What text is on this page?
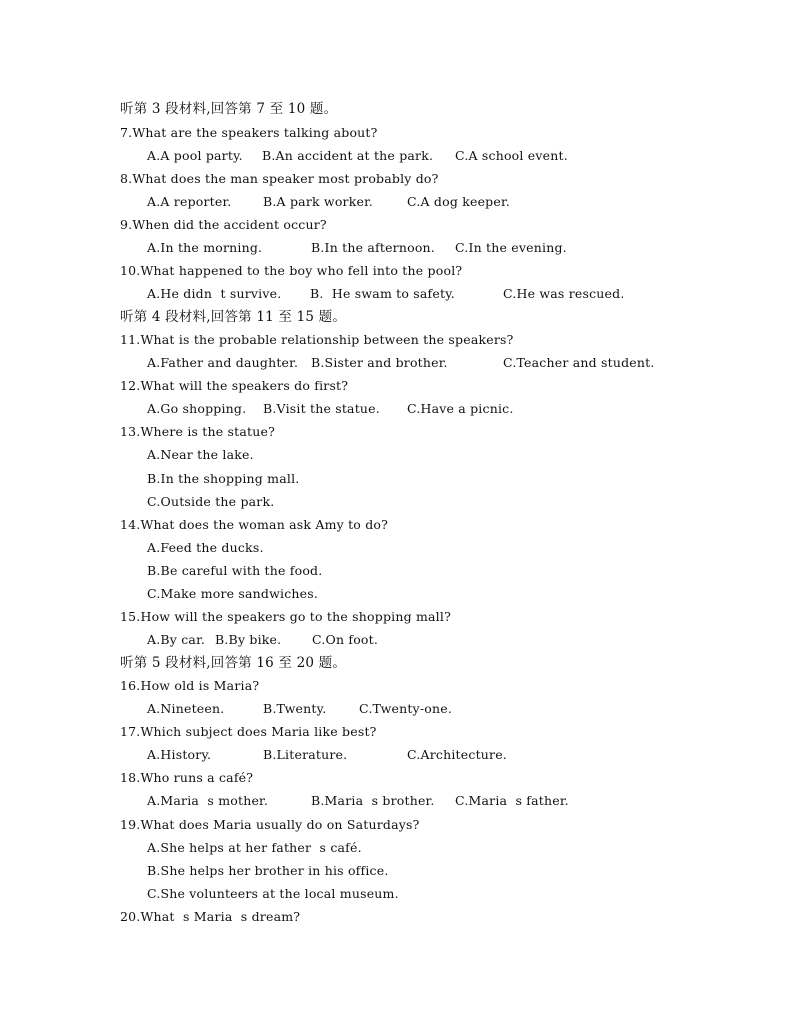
听第 3 段材料,回答第 7 至 10 题。
7.What are the speakers talking about?
A.A pool party. B.An accident at the park. C.A school event.
8.What does the man speaker most probably do?
A.A reporter.	B.A park worker.	C.A dog keeper.
9.When did the accident occur?
A.In the morning.	B.In the afternoon. C.In the evening.
10.What happened to the boy who fell into the pool?
A.He didn  t survive. B.  He swam to safety.	C.He was rescued.
听第 4 段材料,回答第 11 至 15 题。
11.What is the probable relationship between the speakers?
A.Father and daughter. B.Sister and brother.	C.Teacher and student.
12.What will the speakers do first?
A.Go shopping. B.Visit the statue. C.Have a picnic.
13.Where is the statue?
A.Near the lake.
B.In the shopping mall.
C.Outside the park.
14.What does the woman ask Amy to do?
A.Feed the ducks.
B.Be careful with the food.
C.Make more sandwiches.
15.How will the speakers go to the shopping mall?
A.By car. B.By bike. C.On foot.
听第 5 段材料,回答第 16 至 20 题。
16.How old is Maria?
A.Nineteen.	B.Twenty.	C.Twenty-one.
17.Which subject does Maria like best?
A.History.	B.Literature.	C.Architecture.
18.Who runs a café?
A.Maria  s mother.	B.Maria  s brother. C.Maria  s father.
19.What does Maria usually do on Saturdays?
A.She helps at her father  s café.
B.She helps her brother in his office.
C.She volunteers at the local museum.
20.What  s Maria  s dream?
